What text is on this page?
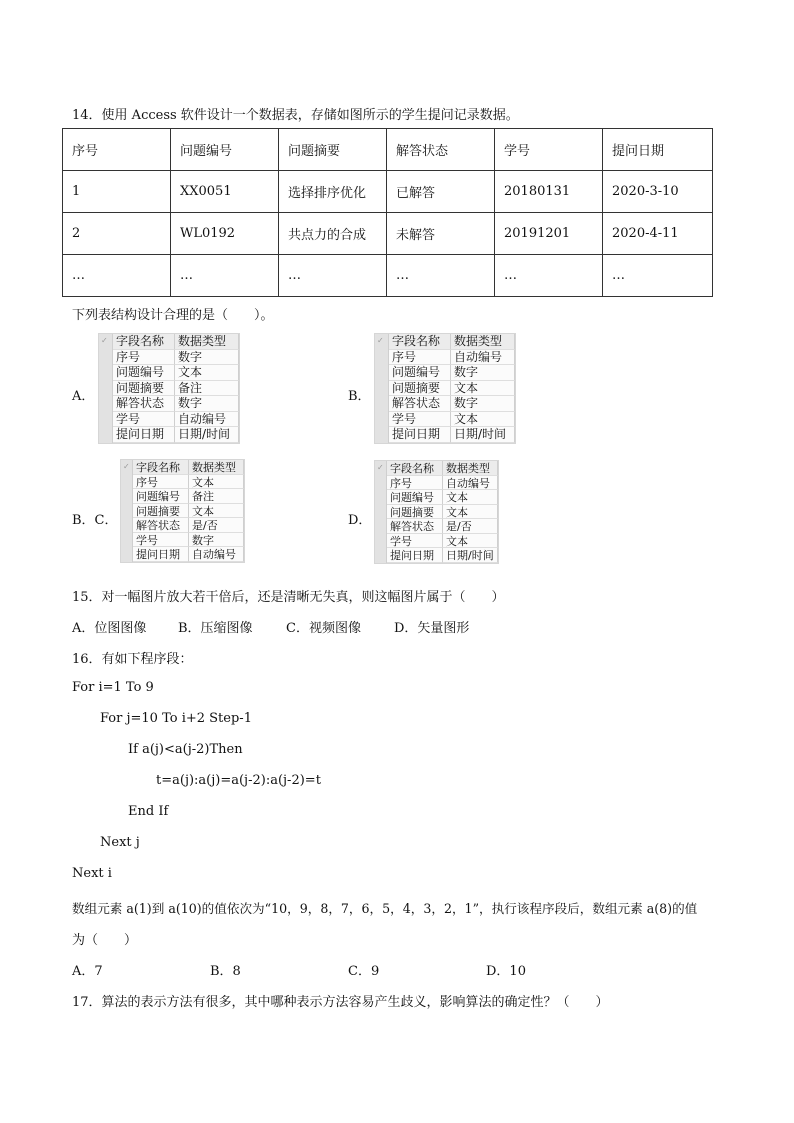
14．使用 Access 软件设计一个数据表，存储如图所示的学生提问记录数据。
序号	问题编号	问题摘要	解答状态	学号	提问日期
1	XX0051	选择排序优化	已解答	20180131	2020-3-10
2	WL0192	共点力的合成	未解答	20191201	2020-4-11
…	…	…	…	…	…
下列表结构设计合理的是（　　）。
A．
✓ 字段名称	数据类型
序号	数字
问题编号	文本
问题摘要	备注
解答状态	数字
学号	自动编号
提问日期	日期/时间
B．
✓ 字段名称	数据类型
序号	自动编号
问题编号	数字
问题摘要	文本
解答状态	数字
学号	文本
提问日期	日期/时间
B．C．
✓ 字段名称	数据类型
序号	文本
问题编号	备注
问题摘要	文本
解答状态	是/否
学号	数字
提问日期	自动编号
D．
✓ 字段名称	数据类型
序号	自动编号
问题编号	文本
问题摘要	文本
解答状态	是/否
学号	文本
提问日期	日期/时间
15．对一幅图片放大若干倍后，还是清晰无失真，则这幅图片属于（　　）
A．位图图像 B．压缩图像	C．视频图像	D．矢量图形
16．有如下程序段：
For i=1 To 9
For j=10 To i+2 Step-1
If a(j)<a(j-2)Then
t=a(j):a(j)=a(j-2):a(j-2)=t
End If
Next j
Next i
数组元素 a(1)到 a(10)的值依次为“10，9，8，7，6，5，4，3，2，1”，执行该程序段后，数组元素 a(8)的值
为（　　）
A．7	B．8	C．9	D．10
17．算法的表示方法有很多，其中哪种表示方法容易产生歧义，影响算法的确定性？（　　）
